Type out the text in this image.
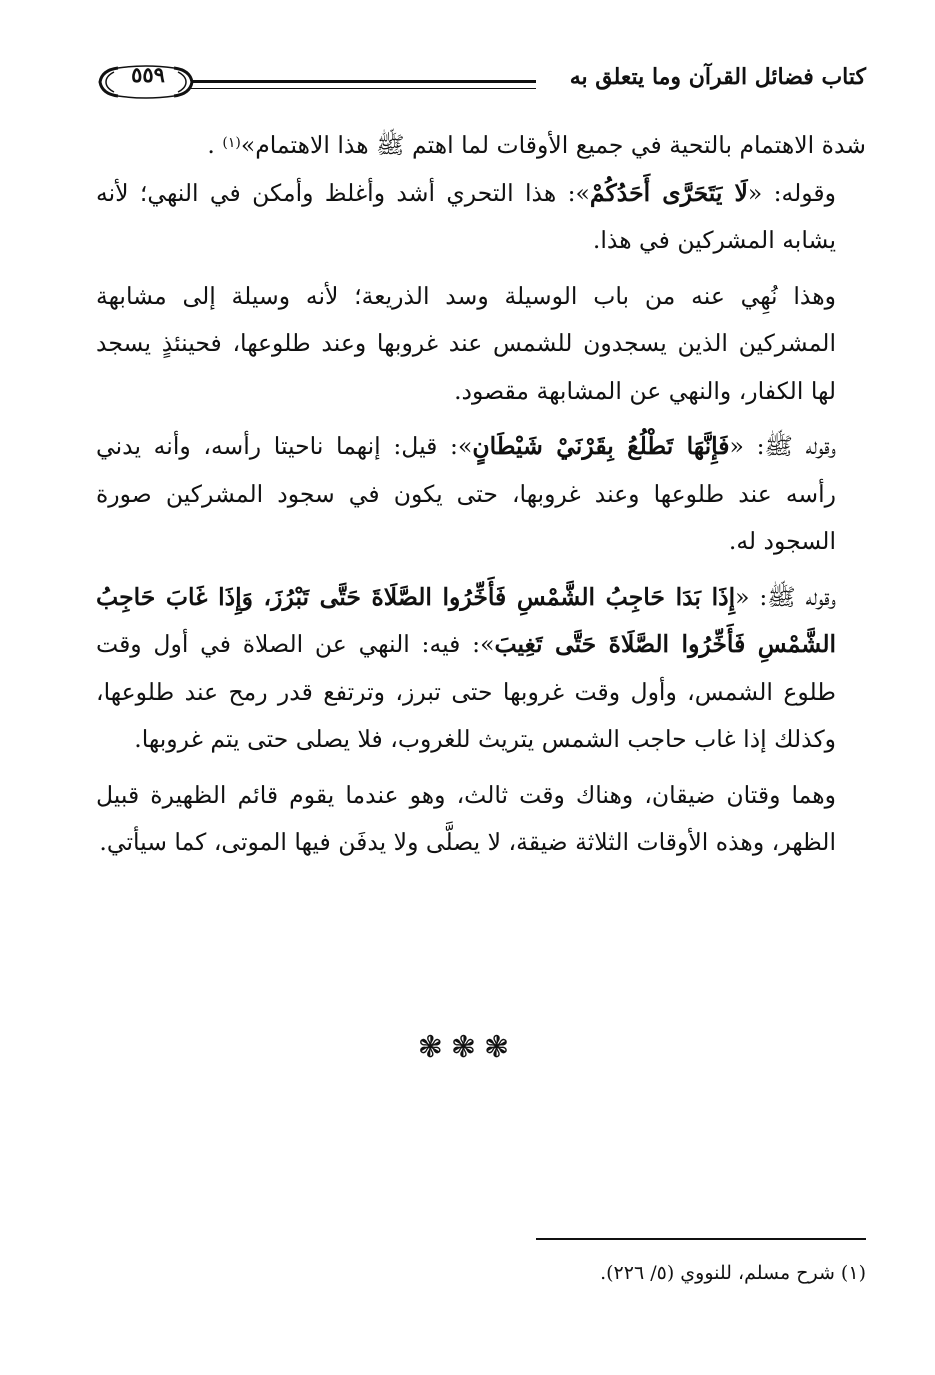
كتاب فضائل القرآن وما يتعلق به
٥٥٩

شدة الاهتمام بالتحية في جميع الأوقات لما اهتم ﷺ هذا الاهتمام»$^{(١)}$ .

وقوله: «لَا يَتَحَرَّى أَحَدُكُمْ»: هذا التحري أشد وأغلظ وأمكن في النهي؛ لأنه يشابه المشركين في هذا.

وهذا نُهِي عنه من باب الوسيلة وسد الذريعة؛ لأنه وسيلة إلى مشابهة المشركين الذين يسجدون للشمس عند غروبها وعند طلوعها، فحينئذٍ يسجد لها الكفار، والنهي عن المشابهة مقصود.

وقوله ﷺ: «فَإِنَّهَا تَطْلُعُ بِقَرْنَيْ شَيْطَانٍ»: قيل: إنهما ناحيتا رأسه، وأنه يدني رأسه عند طلوعها وعند غروبها، حتى يكون في سجود المشركين صورة السجود له.

وقوله ﷺ: «إِذَا بَدَا حَاجِبُ الشَّمْسِ فَأَخِّرُوا الصَّلَاةَ حَتَّى تَبْرُزَ، وَإِذَا غَابَ حَاجِبُ الشَّمْسِ فَأَخِّرُوا الصَّلَاةَ حَتَّى تَغِيبَ»: فيه: النهي عن الصلاة في أول وقت طلوع الشمس، وأول وقت غروبها حتى تبرز، وترتفع قدر رمح عند طلوعها، وكذلك إذا غاب حاجب الشمس يتريث للغروب، فلا يصلى حتى يتم غروبها.

وهما وقتان ضيقان، وهناك وقت ثالث، وهو عندما يقوم قائم الظهيرة قبيل الظهر، وهذه الأوقات الثلاثة ضيقة، لا يصلَّى ولا يدفَن فيها الموتى، كما سيأتي.

❃❃❃
(١) شرح مسلم، للنووي (٥/ ٢٢٦).
